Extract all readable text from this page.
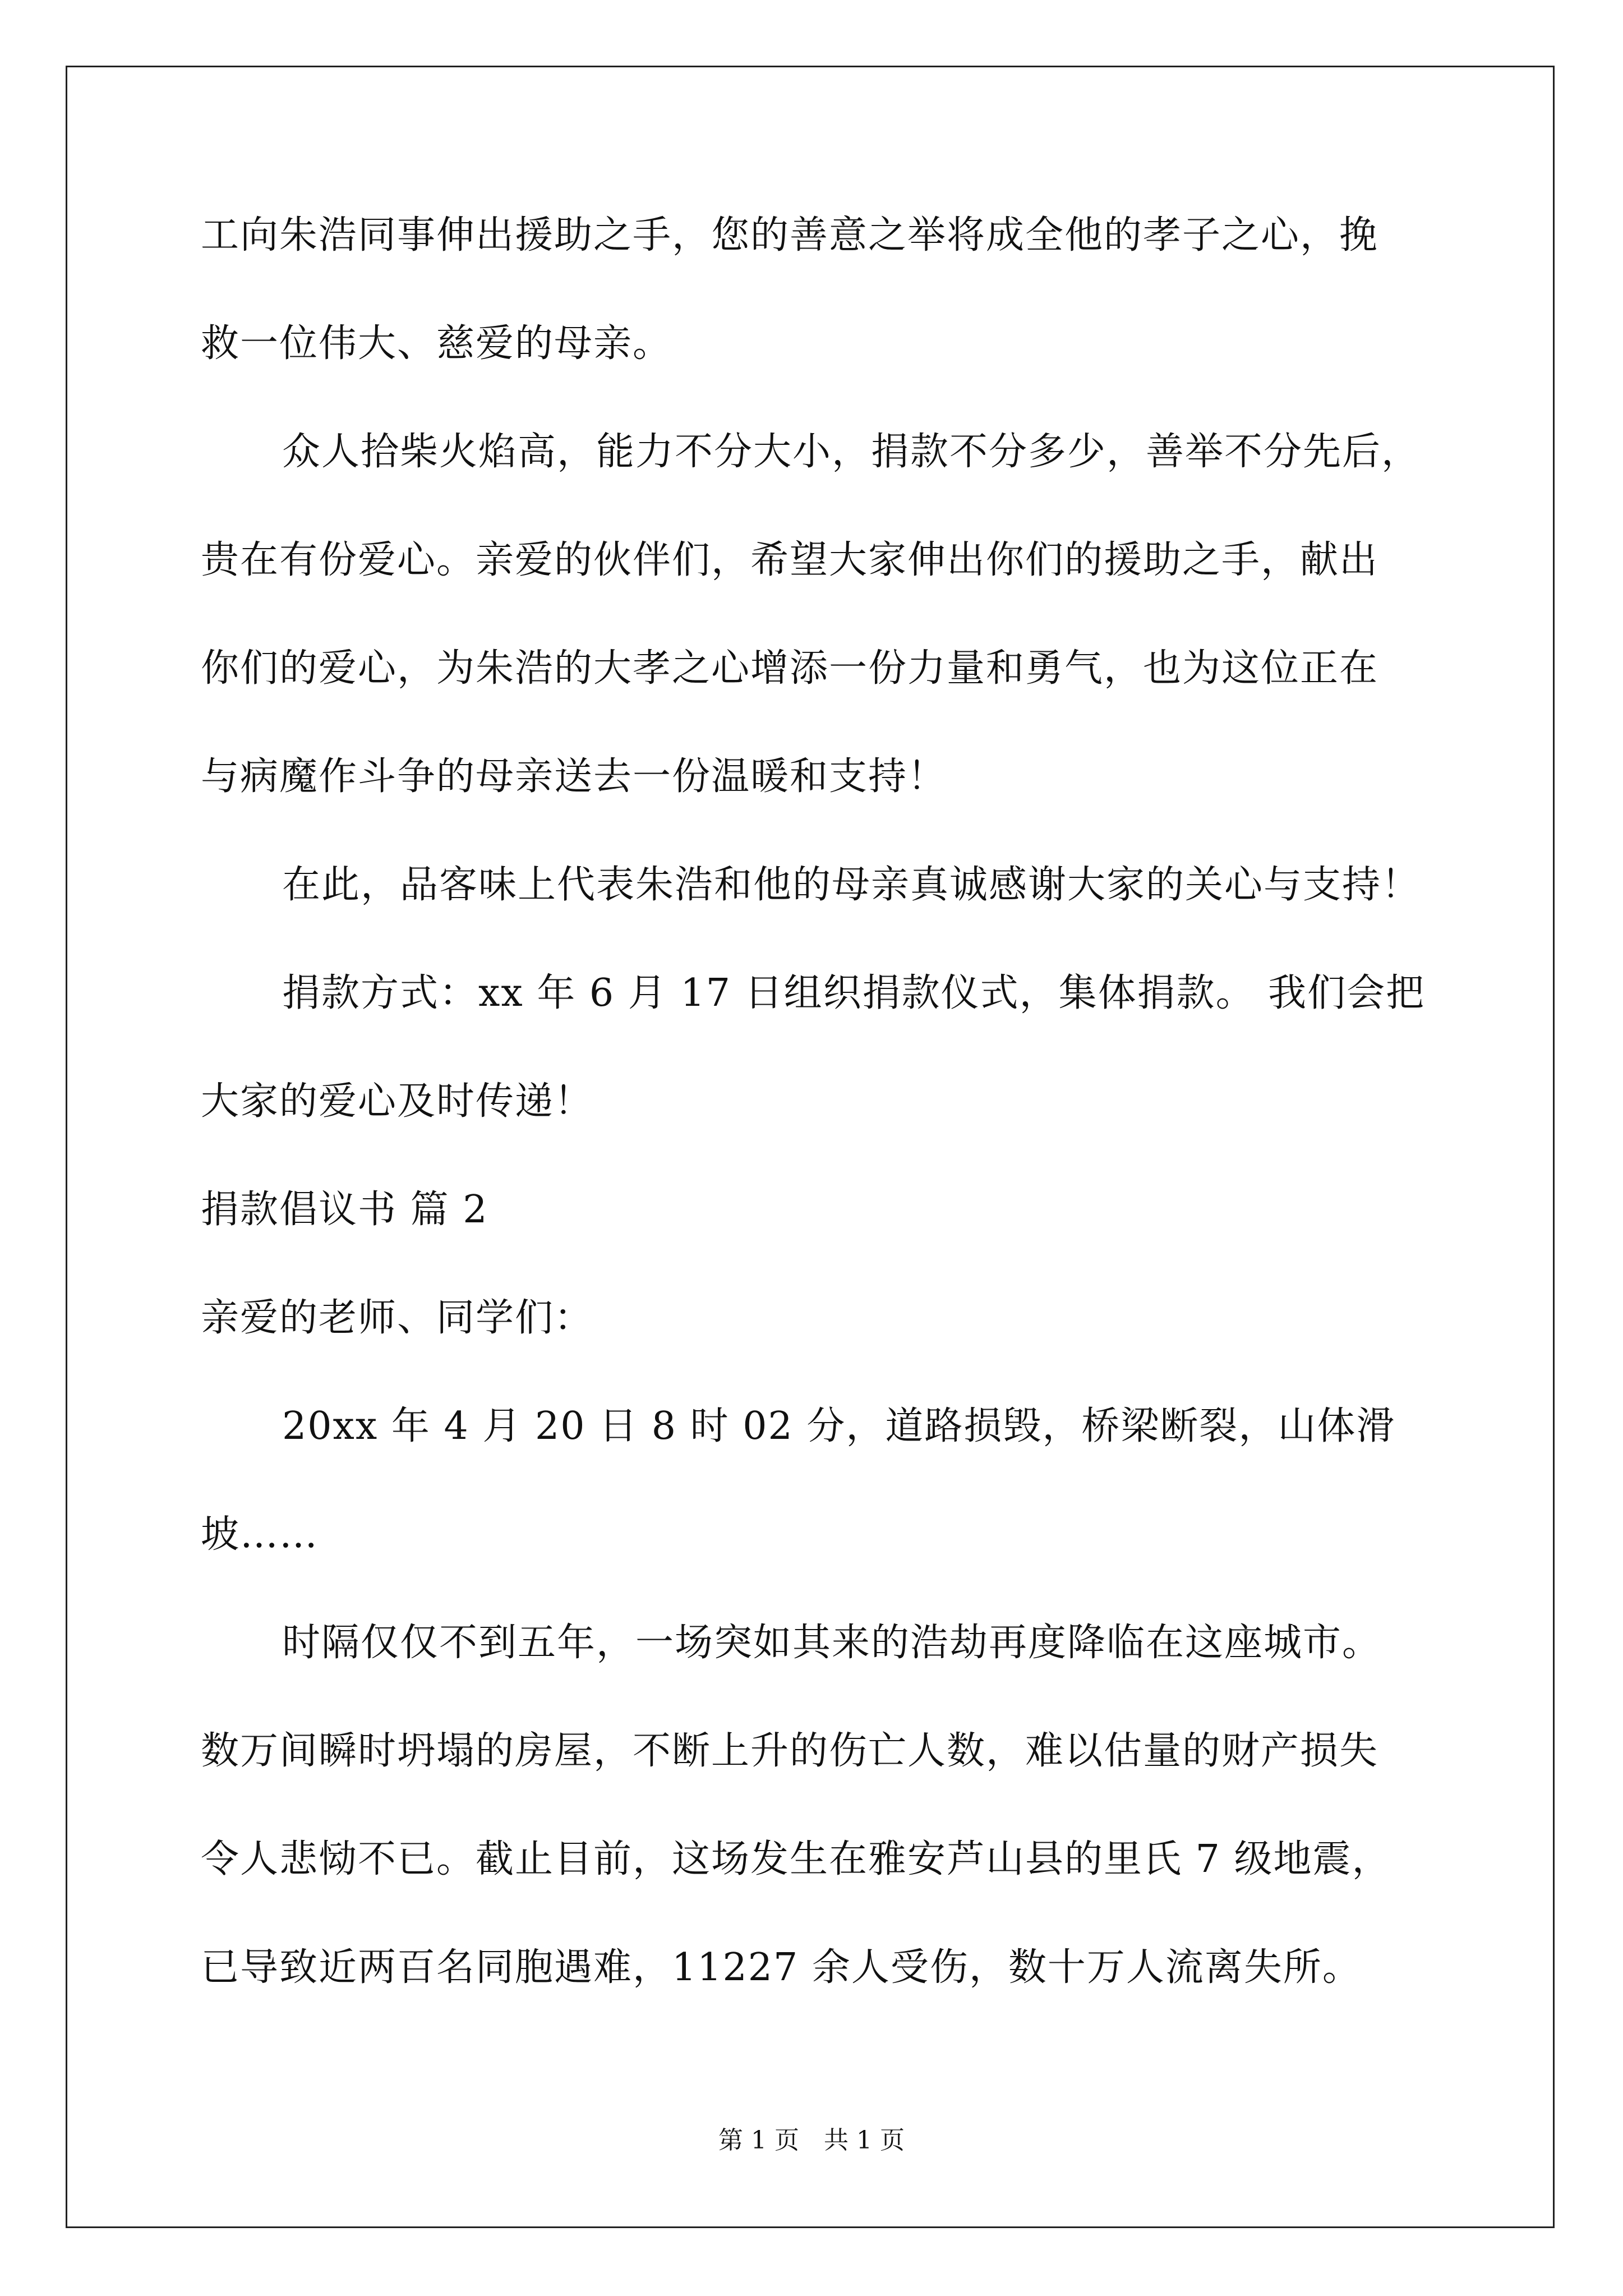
工向朱浩同事伸出援助之手，您的善意之举将成全他的孝子之心，挽
救一位伟大、慈爱的母亲。
众人拾柴火焰高，能力不分大小，捐款不分多少，善举不分先后，
贵在有份爱心。亲爱的伙伴们，希望大家伸出你们的援助之手，献出
你们的爱心，为朱浩的大孝之心增添一份力量和勇气，也为这位正在
与病魔作斗争的母亲送去一份温暖和支持！
在此，品客味上代表朱浩和他的母亲真诚感谢大家的关心与支持！
捐款方式：xx 年 6 月 17 日组织捐款仪式，集体捐款。 我们会把
大家的爱心及时传递！
捐款倡议书 篇 2
亲爱的老师、同学们：
20xx 年 4 月 20 日 8 时 02 分，道路损毁，桥梁断裂，山体滑
坡……
时隔仅仅不到五年，一场突如其来的浩劫再度降临在这座城市。
数万间瞬时坍塌的房屋，不断上升的伤亡人数，难以估量的财产损失
令人悲恸不已。截止目前，这场发生在雅安芦山县的里氏 7 级地震，
已导致近两百名同胞遇难，11227 余人受伤，数十万人流离失所。
第 1 页　共 1 页
